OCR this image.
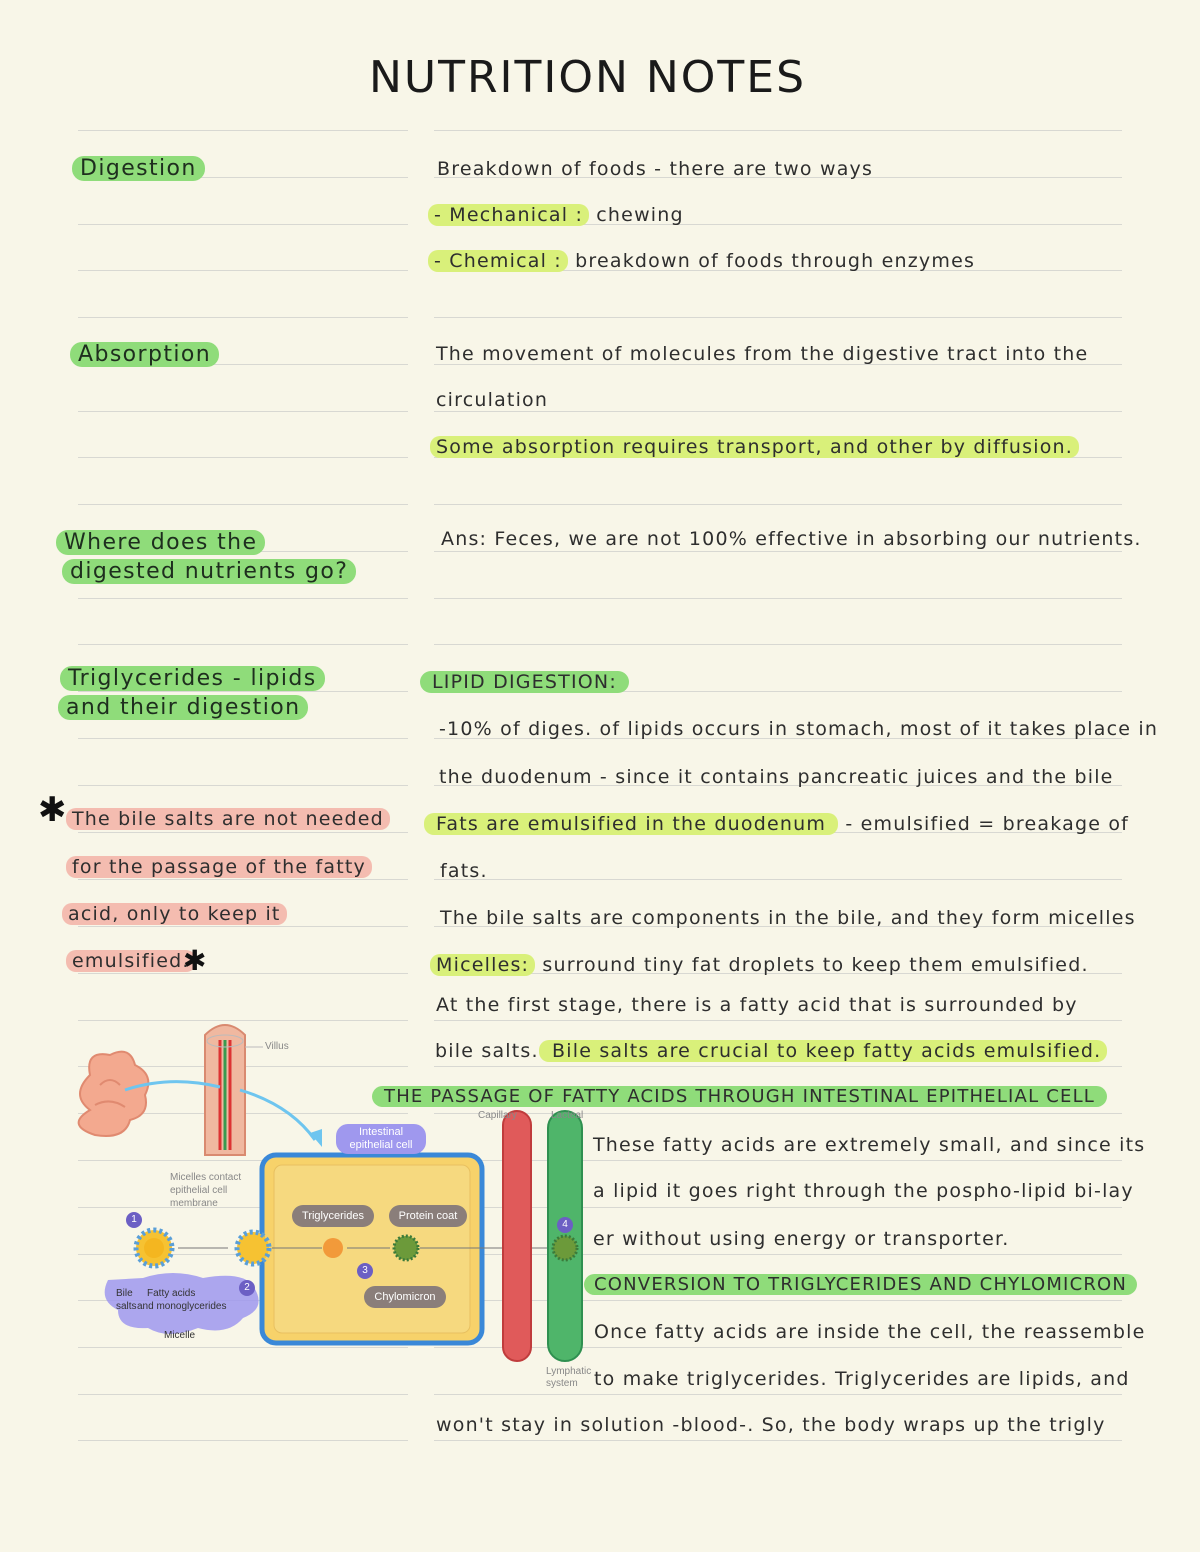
NUTRITION NOTES
Digestion
Absorption
Where does the
digested nutrients go?
Triglycerides - lipids
and their digestion
✱ The bile salts are not needed
for the passage of the fatty
acid, only to keep it
emulsified.
✱
Breakdown of foods - there are two ways
- Mechanical : chewing
- Chemical : breakdown of foods through enzymes
The movement of molecules from the digestive tract into the
circulation
Some absorption requires transport, and other by diffusion.
Ans: Feces, we are not 100% effective in absorbing our nutrients.
LIPID DIGESTION:
-10% of diges. of lipids occurs in stomach, most of it takes place in
the duodenum - since it contains pancreatic juices and the bile
Fats are emulsified in the duodenum - emulsified = breakage of
fats.
The bile salts are components in the bile, and they form micelles
Micelles: surround tiny fat droplets to keep them emulsified.
At the first stage, there is a fatty acid that is surrounded by
bile salts. Bile salts are crucial to keep fatty acids emulsified.
THE PASSAGE OF FATTY ACIDS THROUGH INTESTINAL EPITHELIAL CELL
These fatty acids are extremely small, and since its
a lipid it goes right through the pospho-lipid bi-lay
er without using energy or transporter.
CONVERSION TO TRIGLYCERIDES AND CHYLOMICRON
Once fatty acids are inside the cell, the reassemble
to make triglycerides. Triglycerides are lipids, and
won't stay in solution -blood-. So, the body wraps up the trigly
Villus
Intestinal
epithelial cell
Micelles contact
epithelial cell
membrane
Triglycerides	Protein coat
Chylomicron
Capillary	Lacteal
Lymphatic
system
Bile
salts
Fatty acids
and monoglycerides
Micelle
1
2
3
4
